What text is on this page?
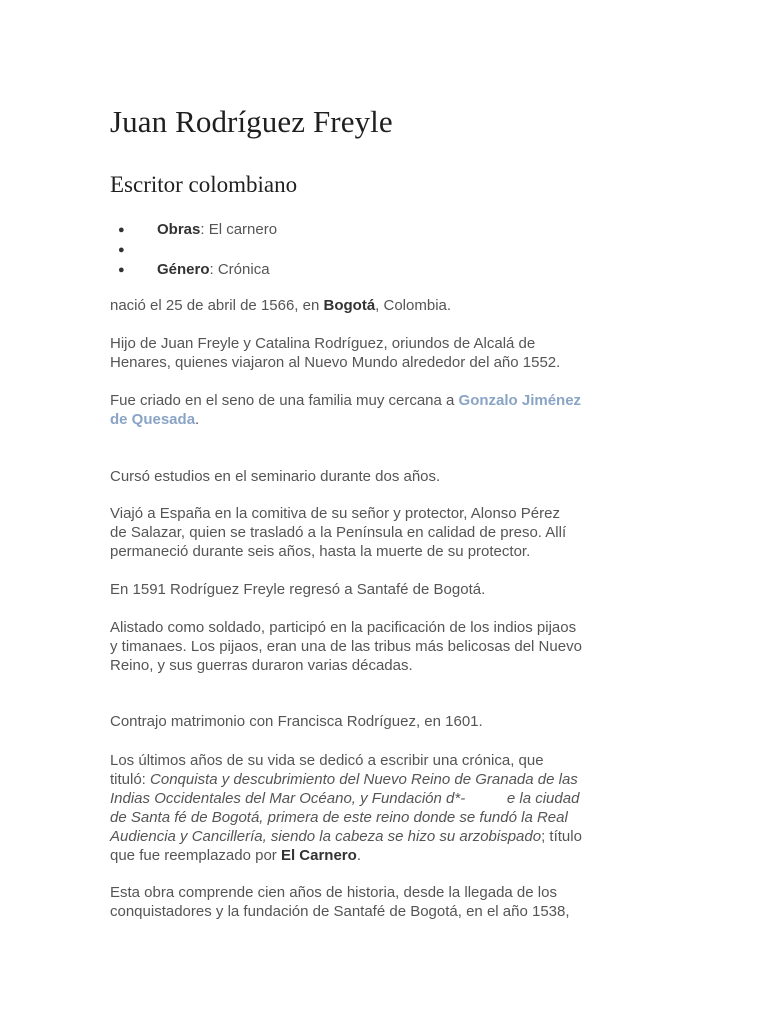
Juan Rodríguez Freyle
Escritor colombiano
● Obras: El carnero
●
● Género: Crónica

nació el 25 de abril de 1566, en Bogotá, Colombia.

Hijo de Juan Freyle y Catalina Rodríguez, oriundos de Alcalá de
Henares, quienes viajaron al Nuevo Mundo alrededor del año 1552.

Fue criado en el seno de una familia muy cercana a Gonzalo Jiménez
de Quesada.

Cursó estudios en el seminario durante dos años.

Viajó a España en la comitiva de su señor y protector, Alonso Pérez
de Salazar, quien se trasladó a la Península en calidad de preso. Allí
permaneció durante seis años, hasta la muerte de su protector.

En 1591 Rodríguez Freyle regresó a Santafé de Bogotá.

Alistado como soldado, participó en la pacificación de los indios pijaos
y timanaes. Los pijaos, eran una de las tribus más belicosas del Nuevo
Reino, y sus guerras duraron varias décadas.

Contrajo matrimonio con Francisca Rodríguez, en 1601.

Los últimos años de su vida se dedicó a escribir una crónica, que
tituló: Conquista y descubrimiento del Nuevo Reino de Granada de las
Indias Occidentales del Mar Océano, y Fundación d*-          e la ciudad
de Santa fé de Bogotá, primera de este reino donde se fundó la Real
Audiencia y Cancillería, siendo la cabeza se hizo su arzobispado; título
que fue reemplazado por El Carnero.

Esta obra comprende cien años de historia, desde la llegada de los
conquistadores y la fundación de Santafé de Bogotá, en el año 1538,
